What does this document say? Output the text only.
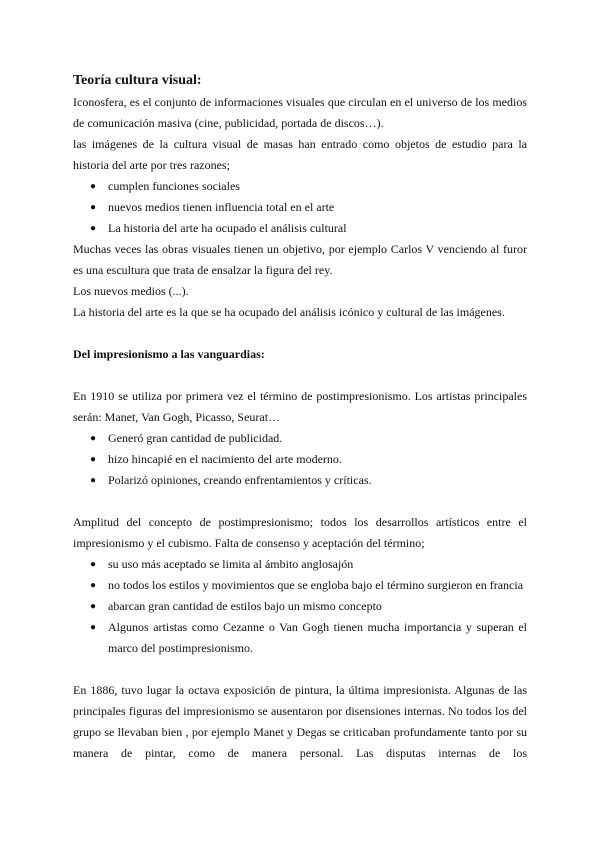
Teoría cultura visual:

Iconosfera, es el conjunto de informaciones visuales que circulan en el universo de los medios de comunicación masiva (cine, publicidad, portada de discos…).

las imágenes de la cultura visual de masas han entrado como objetos de estudio para la historia del arte por tres razones;

● cumplen funciones sociales
● nuevos medios tienen influencia total en el arte
● La historia del arte ha ocupado el análisis cultural

Muchas veces las obras visuales tienen un objetivo, por ejemplo Carlos V venciendo al furor es una escultura que trata de ensalzar la figura del rey.

Los nuevos medios (...).

La historia del arte es la que se ha ocupado del análisis icónico y cultural de las imágenes.

Del impresionismo a las vanguardias:

En 1910 se utiliza por primera vez el término de postimpresionismo. Los artistas principales serán: Manet, Van Gogh, Picasso, Seurat…

● Generó gran cantidad de publicidad.
● hizo hincapié en el nacimiento del arte moderno.
● Polarizó opiniones, creando enfrentamientos y críticas.

Amplitud del concepto de postimpresionismo; todos los desarrollos artísticos entre el impresionismo y el cubismo. Falta de consenso y aceptación del término;

● su uso más aceptado se limita al ámbito anglosajón
● no todos los estilos y movimientos que se engloba bajo el término surgieron en francia
● abarcan gran cantidad de estilos bajo un mismo concepto
● Algunos artistas como Cezanne o Van Gogh tienen mucha importancia y superan el marco del postimpresionismo.

En 1886, tuvo lugar la octava exposición de pintura, la última impresionista. Algunas de las principales figuras del impresionismo se ausentaron por disensiones internas. No todos los del grupo se llevaban bien , por ejemplo Manet y Degas se criticaban profundamente tanto por su manera de pintar, como de manera personal. Las disputas internas de los
